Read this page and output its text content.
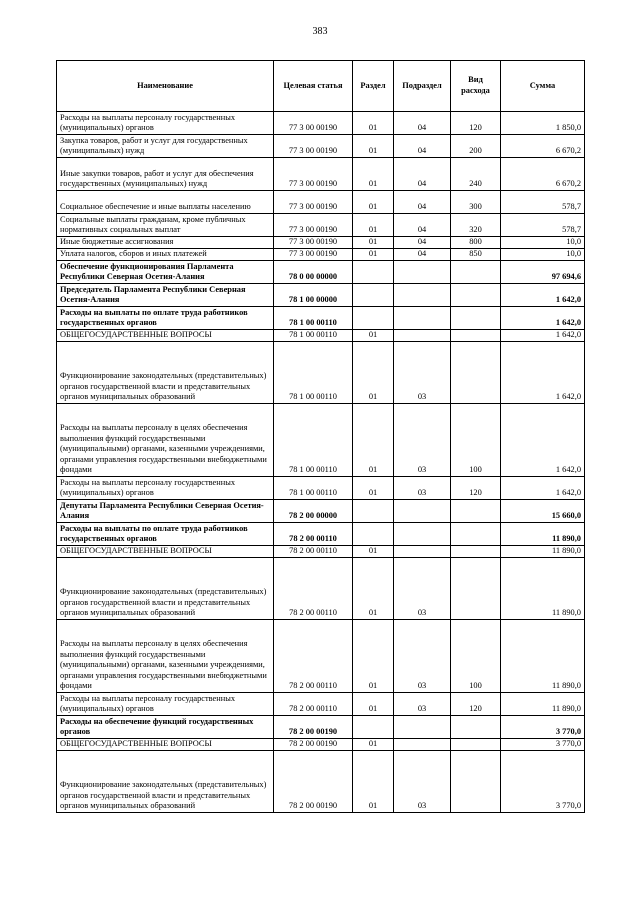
383
Наименование	Целевая статья	Раздел	Подраздел	Вид расхода	Сумма
Расходы на выплаты персоналу государственных (муниципальных) органов	77 3 00 00190	01	04	120	1 850,0
Закупка товаров, работ и услуг для государственных (муниципальных) нужд	77 3 00 00190	01	04	200	6 670,2
Иные закупки товаров, работ и услуг для обеспечения государственных (муниципальных) нужд	77 3 00 00190	01	04	240	6 670,2
Социальное обеспечение и иные выплаты населению	77 3 00 00190	01	04	300	578,7
Социальные выплаты гражданам, кроме публичных нормативных социальных выплат	77 3 00 00190	01	04	320	578,7
Иные бюджетные ассигнования	77 3 00 00190	01	04	800	10,0
Уплата налогов, сборов и иных платежей	77 3 00 00190	01	04	850	10,0
Обеспечение функционирования Парламента Республики Северная Осетия-Алания	78 0 00 00000				97 694,6
Председатель Парламента Республики Северная Осетия-Алания	78 1 00 00000				1 642,0
Расходы на выплаты по оплате труда работников государственных органов	78 1 00 00110				1 642,0
ОБЩЕГОСУДАРСТВЕННЫЕ ВОПРОСЫ	78 1 00 00110	01			1 642,0
Функционирование законодательных (представительных) органов государственной власти и представительных органов муниципальных образований	78 1 00 00110	01	03		1 642,0
Расходы на выплаты персоналу в целях обеспечения выполнения функций государственными (муниципальными) органами, казенными учреждениями, органами управления государственными внебюджетными фондами	78 1 00 00110	01	03	100	1 642,0
Расходы на выплаты персоналу государственных (муниципальных) органов	78 1 00 00110	01	03	120	1 642,0
Депутаты Парламента Республики Северная Осетия-Алания	78 2 00 00000				15 660,0
Расходы на выплаты по оплате труда работников государственных органов	78 2 00 00110				11 890,0
ОБЩЕГОСУДАРСТВЕННЫЕ ВОПРОСЫ	78 2 00 00110	01			11 890,0
Функционирование законодательных (представительных) органов государственной власти и представительных органов муниципальных образований	78 2 00 00110	01	03		11 890,0
Расходы на выплаты персоналу в целях обеспечения выполнения функций государственными (муниципальными) органами, казенными учреждениями, органами управления государственными внебюджетными фондами	78 2 00 00110	01	03	100	11 890,0
Расходы на выплаты персоналу государственных (муниципальных) органов	78 2 00 00110	01	03	120	11 890,0
Расходы на обеспечение функций государственных органов	78 2 00 00190				3 770,0
ОБЩЕГОСУДАРСТВЕННЫЕ ВОПРОСЫ	78 2 00 00190	01			3 770,0
Функционирование законодательных (представительных) органов государственной власти и представительных органов муниципальных образований	78 2 00 00190	01	03		3 770,0
